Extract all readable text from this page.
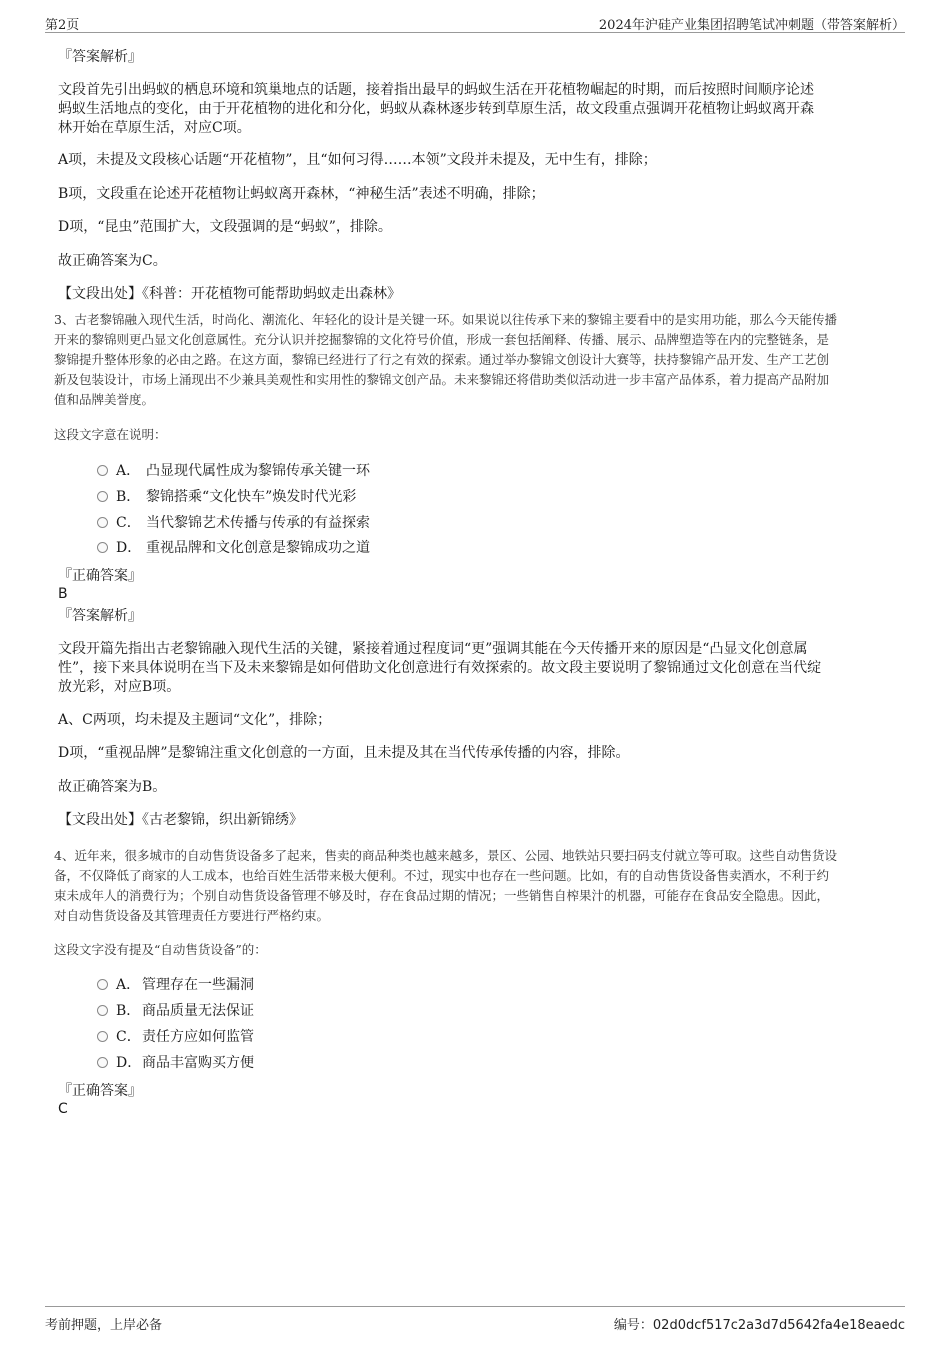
第2页	2024年沪硅产业集团招聘笔试冲刺题（带答案解析）
『答案解析』
文段首先引出蚂蚁的栖息环境和筑巢地点的话题，接着指出最早的蚂蚁生活在开花植物崛起的时期，而后按照时间顺序论述
蚂蚁生活地点的变化，由于开花植物的进化和分化，蚂蚁从森林逐步转到草原生活，故文段重点强调开花植物让蚂蚁离开森
林开始在草原生活，对应C项。
A项，未提及文段核心话题“开花植物”，且“如何习得……本领”文段并未提及，无中生有，排除；
B项，文段重在论述开花植物让蚂蚁离开森林，“神秘生活”表述不明确，排除；
D项，“昆虫”范围扩大，文段强调的是“蚂蚁”，排除。
故正确答案为C。
【文段出处】《科普：开花植物可能帮助蚂蚁走出森林》
3、古老黎锦融入现代生活，时尚化、潮流化、年轻化的设计是关键一环。如果说以往传承下来的黎锦主要看中的是实用功能，那么今天能传播
开来的黎锦则更凸显文化创意属性。充分认识并挖掘黎锦的文化符号价值，形成一套包括阐释、传播、展示、品牌塑造等在内的完整链条，是
黎锦提升整体形象的必由之路。在这方面，黎锦已经进行了行之有效的探索。通过举办黎锦文创设计大赛等，扶持黎锦产品开发、生产工艺创
新及包装设计，市场上涌现出不少兼具美观性和实用性的黎锦文创产品。未来黎锦还将借助类似活动进一步丰富产品体系，着力提高产品附加
值和品牌美誉度。
这段文字意在说明：
A． 凸显现代属性成为黎锦传承关键一环
B． 黎锦搭乘“文化快车”焕发时代光彩
C． 当代黎锦艺术传播与传承的有益探索
D． 重视品牌和文化创意是黎锦成功之道
『正确答案』
B
『答案解析』
文段开篇先指出古老黎锦融入现代生活的关键，紧接着通过程度词“更”强调其能在今天传播开来的原因是“凸显文化创意属
性”，接下来具体说明在当下及未来黎锦是如何借助文化创意进行有效探索的。故文段主要说明了黎锦通过文化创意在当代绽
放光彩，对应B项。
A、C两项，均未提及主题词“文化”，排除；
D项，“重视品牌”是黎锦注重文化创意的一方面，且未提及其在当代传承传播的内容，排除。
故正确答案为B。
【文段出处】《古老黎锦，织出新锦绣》
4、近年来，很多城市的自动售货设备多了起来，售卖的商品种类也越来越多，景区、公园、地铁站只要扫码支付就立等可取。这些自动售货设
备，不仅降低了商家的人工成本，也给百姓生活带来极大便利。不过，现实中也存在一些问题。比如，有的自动售货设备售卖酒水，不利于约
束未成年人的消费行为；个别自动售货设备管理不够及时，存在食品过期的情况；一些销售自榨果汁的机器，可能存在食品安全隐患。因此，
对自动售货设备及其管理责任方要进行严格约束。
这段文字没有提及“自动售货设备”的：
A． 管理存在一些漏洞
B． 商品质量无法保证
C．责任方应如何监管
D．商品丰富购买方便
『正确答案』
C
考前押题，上岸必备	编号：02d0dcf517c2a3d7d5642fa4e18eaedc
